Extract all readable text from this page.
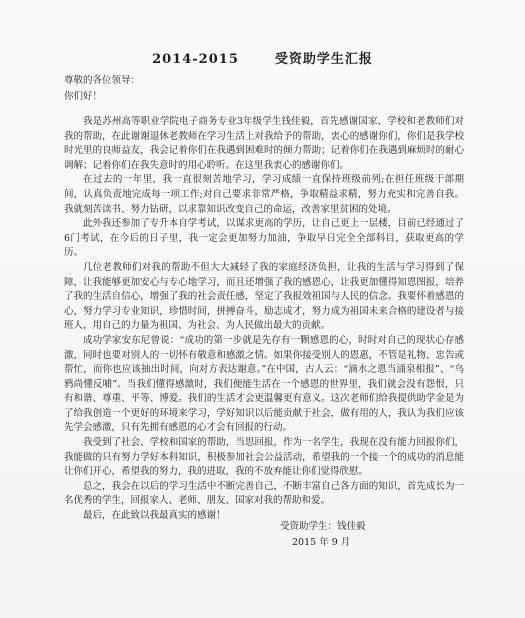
2014-2015	受资助学生汇报
尊敬的各位领导：
你们好！

我是苏州高等职业学院电子商务专业3年级学生钱佳毅，首先感谢国家、学校和老教师们对我的帮助，在此谢谢退休老教师在学习生活上对我给予的帮助，衷心的感谢你们，你们是我学校时光里的良师益友，我会记着你们在我遇到困难时的倾力帮助；记着你们在我遇到麻烦时的耐心调解；记着你们在我失意时的用心聆听。在这里我衷心的感谢你们。

在过去的一年里，我一直很刻苦地学习，学习成绩一直保持班级前列;在担任班级干部期间，认真负责地完成每一项工作;对自己要求非常严格，争取精益求精，努力充实和完善自我。我就刻苦读书、努力钻研，以求靠知识改变自己的命运，改善家里贫困的处境。

此外我还参加了专升本自学考试，以谋求更高的学历，让自己更上一层楼，目前已经通过了6门考试，在今后的日子里，我一定会更加努力加油，争取早日完全全部科目，获取更高的学历。

几位老教师们对我的帮助不但大大减轻了我的家庭经济负担，让我的生活与学习得到了保障，让我能够更加安心与专心地学习，而且还增强了我的感恩心，让我更加懂得知恩图报，培养了我的生活自信心，增强了我的社会责任感，坚定了我报效祖国与人民的信念。我要怀着感恩的心，努力学习专业知识，珍惜时间，拼搏奋斗，励志成才，努力成为祖国未来合格的建设者与接班人，用自己的力量为祖国、为社会、为人民做出最大的贡献。

成功学家安东尼曾说：“成功的第一步就是先存有一颗感恩的心，时时对自己的现状心存感激，同时也要对别人的一切怀有敬意和感激之情。如果你接受别人的恩惠，不管是礼物、忠告或帮忙，而你也应该抽出时间，向对方表达谢意。”在中国，古人云：“滴水之恩当涌泉相报”、“乌鸦尚懂反哺”。当我们懂得感激时，我们便能生活在一个感恩的世界里，我们就会没有怨恨，只有和谐、尊重、平等、博爱。我们的生活才会更温馨更有意义。这次老师们给我提供助学金是为了给我创造一个更好的环境来学习，学好知识以后能贡献于社会，做有用的人，我认为我们应该先学会感激，只有先拥有感恩的心才会有回报的行动。

我受到了社会、学校和国家的帮助，当思回报，作为一名学生，我现在没有能力回报你们，我能做的只有努力学好本科知识，积极参加社会公益活动，希望我的一个接一个的成功的消息能让你们开心，希望我的努力，我的进取，我的不放弃能让你们觉得欣慰。

总之，我会在以后的学习生活中不断完善自己，不断丰富自己各方面的知识，首先成长为一名优秀的学生，回报家人、老师、朋友、国家对我的帮助和爱。

最后，在此致以我最真实的感谢！

受资助学生：钱佳毅
2015 年 9 月
